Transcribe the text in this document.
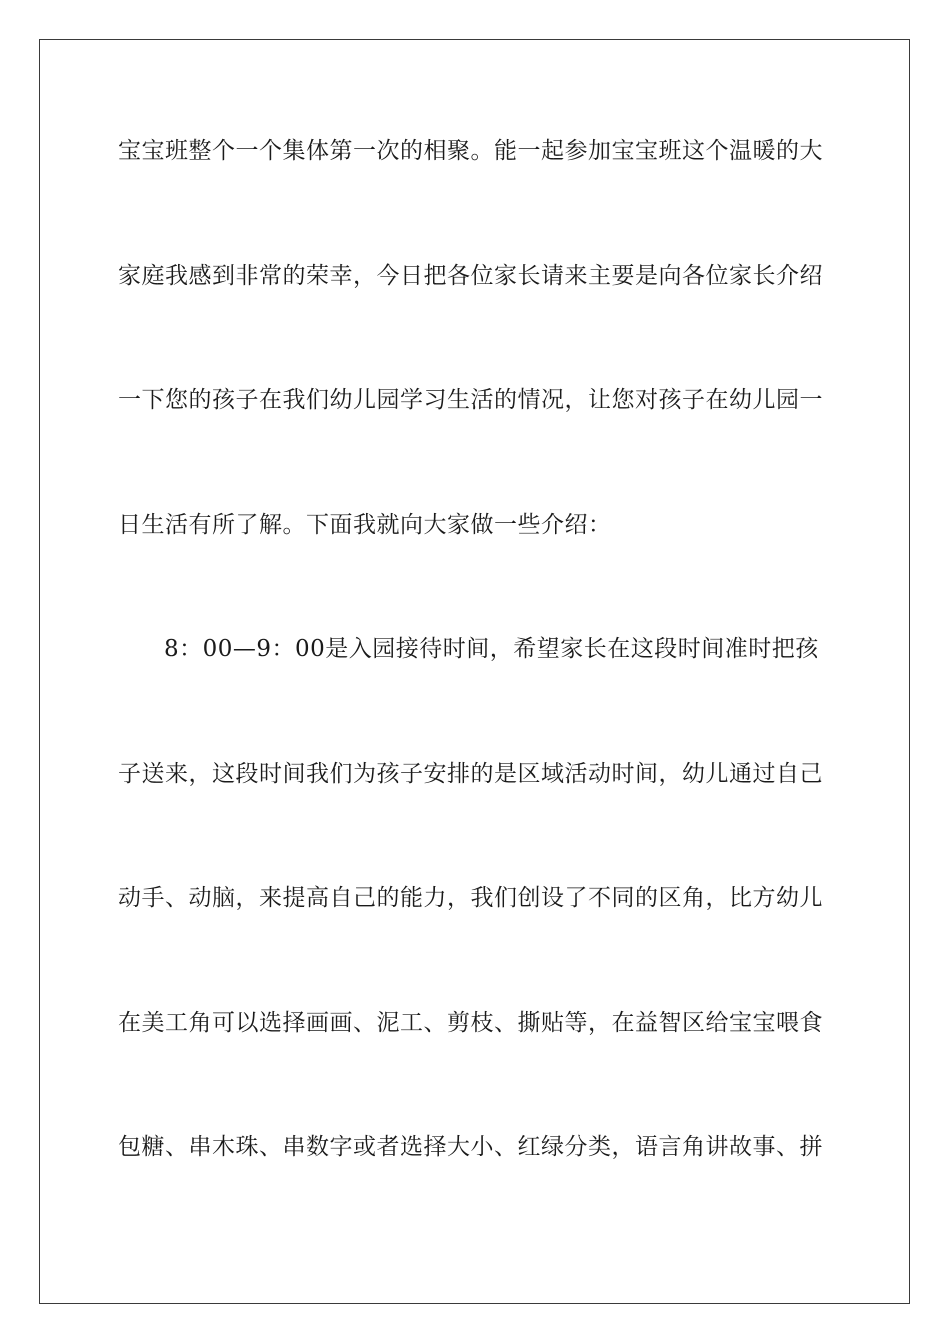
宝宝班整个一个集体第一次的相聚。能一起参加宝宝班这个温暖的大
家庭我感到非常的荣幸，今日把各位家长请来主要是向各位家长介绍
一下您的孩子在我们幼儿园学习生活的情况，让您对孩子在幼儿园一
日生活有所了解。下面我就向大家做一些介绍：
8：00—9：00是入园接待时间，希望家长在这段时间准时把孩
子送来，这段时间我们为孩子安排的是区域活动时间，幼儿通过自己
动手、动脑，来提高自己的能力，我们创设了不同的区角，比方幼儿
在美工角可以选择画画、泥工、剪枝、撕贴等，在益智区给宝宝喂食
包糖、串木珠、串数字或者选择大小、红绿分类，语言角讲故事、拼
